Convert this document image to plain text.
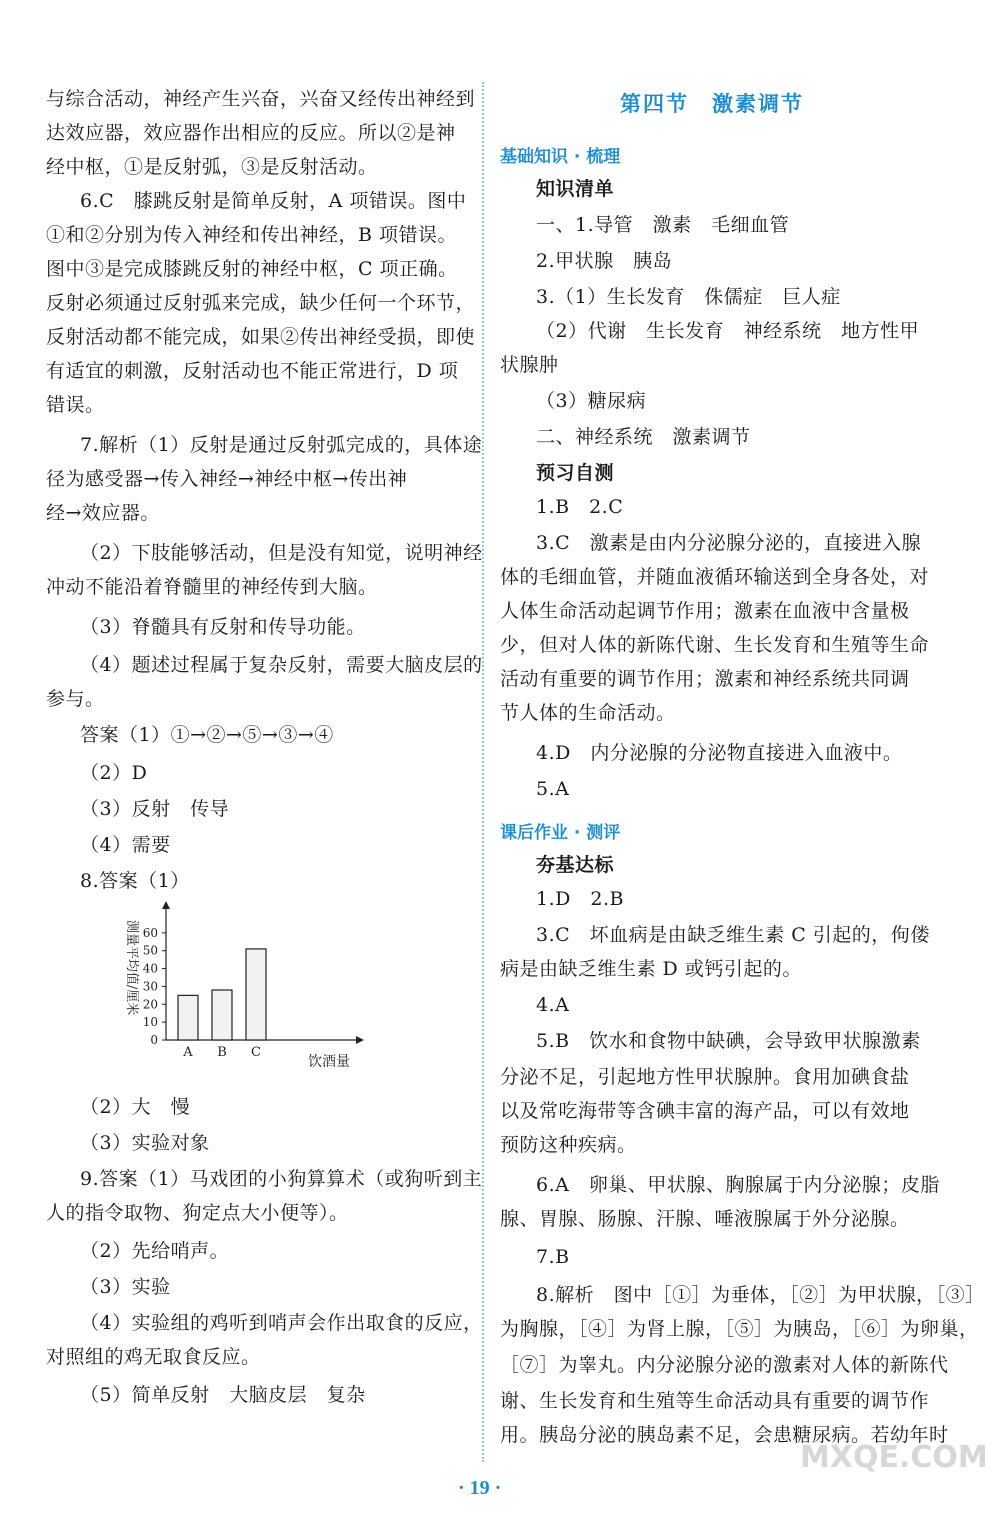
与综合活动，神经产生兴奋，兴奋又经传出神经到
达效应器，效应器作出相应的反应。所以②是神
经中枢，①是反射弧，③是反射活动。
6.C　膝跳反射是简单反射，A 项错误。图中
①和②分别为传入神经和传出神经，B 项错误。
图中③是完成膝跳反射的神经中枢，C 项正确。
反射必须通过反射弧来完成，缺少任何一个环节，
反射活动都不能完成，如果②传出神经受损，即使
有适宜的刺激，反射活动也不能正常进行，D 项
错误。
7.解析（1）反射是通过反射弧完成的，具体途
径为感受器→传入神经→神经中枢→传出神
经→效应器。
（2）下肢能够活动，但是没有知觉，说明神经
冲动不能沿着脊髓里的神经传到大脑。
（3）脊髓具有反射和传导功能。
（4）题述过程属于复杂反射，需要大脑皮层的
参与。
答案（1）①→②→⑤→③→④
（2）D
（3）反射　传导
（4）需要
8.答案（1）
0
10
20
30
40
50
60
测量平均值/厘米
A B C
饮酒量
（2）大　慢
（3）实验对象
9.答案（1）马戏团的小狗算算术（或狗听到主
人的指令取物、狗定点大小便等）。
（2）先给哨声。
（3）实验
（4）实验组的鸡听到哨声会作出取食的反应，
对照组的鸡无取食反应。
（5）简单反射　大脑皮层　复杂
第四节　激素调节
基础知识 · 梳理
知识清单
一、1.导管　激素　毛细血管
2.甲状腺　胰岛
3.（1）生长发育　侏儒症　巨人症
（2）代谢　生长发育　神经系统　地方性甲
状腺肿
（3）糖尿病
二、神经系统　激素调节
预习自测
1.B　2.C
3.C　激素是由内分泌腺分泌的，直接进入腺
体的毛细血管，并随血液循环输送到全身各处，对
人体生命活动起调节作用；激素在血液中含量极
少，但对人体的新陈代谢、生长发育和生殖等生命
活动有重要的调节作用；激素和神经系统共同调
节人体的生命活动。
4.D　内分泌腺的分泌物直接进入血液中。
5.A
课后作业 · 测评
夯基达标
1.D　2.B
3.C　坏血病是由缺乏维生素 C 引起的，佝偻
病是由缺乏维生素 D 或钙引起的。
4.A
5.B　饮水和食物中缺碘，会导致甲状腺激素
分泌不足，引起地方性甲状腺肿。食用加碘食盐
以及常吃海带等含碘丰富的海产品，可以有效地
预防这种疾病。
6.A　卵巢、甲状腺、胸腺属于内分泌腺；皮脂
腺、胃腺、肠腺、汗腺、唾液腺属于外分泌腺。
7.B
8.解析　图中［①］为垂体，［②］为甲状腺，［③］
为胸腺，［④］为肾上腺，［⑤］为胰岛，［⑥］为卵巢，
［⑦］为睾丸。内分泌腺分泌的激素对人体的新陈代
谢、生长发育和生殖等生命活动具有重要的调节作
用。胰岛分泌的胰岛素不足，会患糖尿病。若幼年时
· 19 ·
MXQE.COM
